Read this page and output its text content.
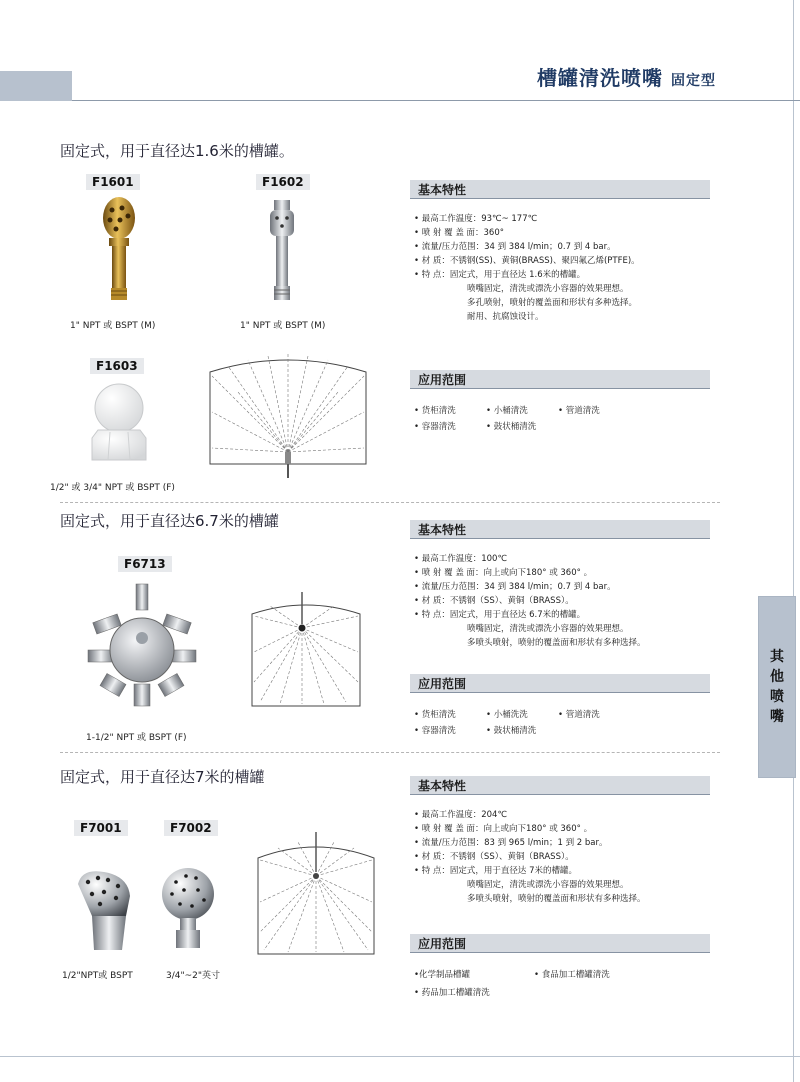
槽罐清洗喷嘴 固定型
其
他
喷
嘴
固定式，用于直径达1.6米的槽罐。
F1601	F1602
1" NPT 或 BSPT (M)	1" NPT 或 BSPT (M)
F1603
1/2" 或 3/4" NPT 或 BSPT (F)
基本特性
• 最高工作温度：93℃~ 177℃
• 喷 射 覆 盖 面：360°
• 流量/压力范围：34 到 384 l/min；0.7 到 4 bar。
• 材 质：不锈钢(SS)、黄铜(BRASS)、聚四氟乙烯(PTFE)。
• 特 点：固定式，用于直径达 1.6米的槽罐。
喷嘴固定，清洗或漂洗小容器的效果理想。
多孔喷射，喷射的覆盖面和形状有多种选择。
耐用、抗腐蚀设计。
应用范围
• 货柜清洗	• 小桶清洗	• 管道清洗
• 容器清洗	• 鼓状桶清洗
固定式，用于直径达6.7米的槽罐
F6713
1-1/2" NPT 或 BSPT (F)
基本特性
• 最高工作温度：100℃
• 喷 射 覆 盖 面：向上或向下180° 或 360° 。
• 流量/压力范围：34 到 384 l/min；0.7 到 4 bar。
• 材 质：不锈钢（SS）、黄铜（BRASS）。
• 特 点：固定式，用于直径达 6.7米的槽罐。
喷嘴固定，清洗或漂洗小容器的效果理想。
多喷头喷射，喷射的覆盖面和形状有多种选择。
应用范围
• 货柜清洗	• 小桶洗洗	• 管道清洗
• 容器清洗	• 鼓状桶清洗
固定式，用于直径达7米的槽罐
F7001	F7002
1/2"NPT或 BSPT	3/4"~2"英寸
基本特性
• 最高工作温度：204℃
• 喷 射 覆 盖 面：向上或向下180° 或 360° 。
• 流量/压力范围：83 到 965 l/min；1 到 2 bar。
• 材 质：不锈钢（SS）、黄铜（BRASS）。
• 特 点：固定式，用于直径达 7米的槽罐。
喷嘴固定，清洗或漂洗小容器的效果理想。
多喷头喷射，喷射的覆盖面和形状有多种选择。
应用范围
•化学制品槽罐	• 食品加工槽罐清洗
• 药品加工槽罐清洗
